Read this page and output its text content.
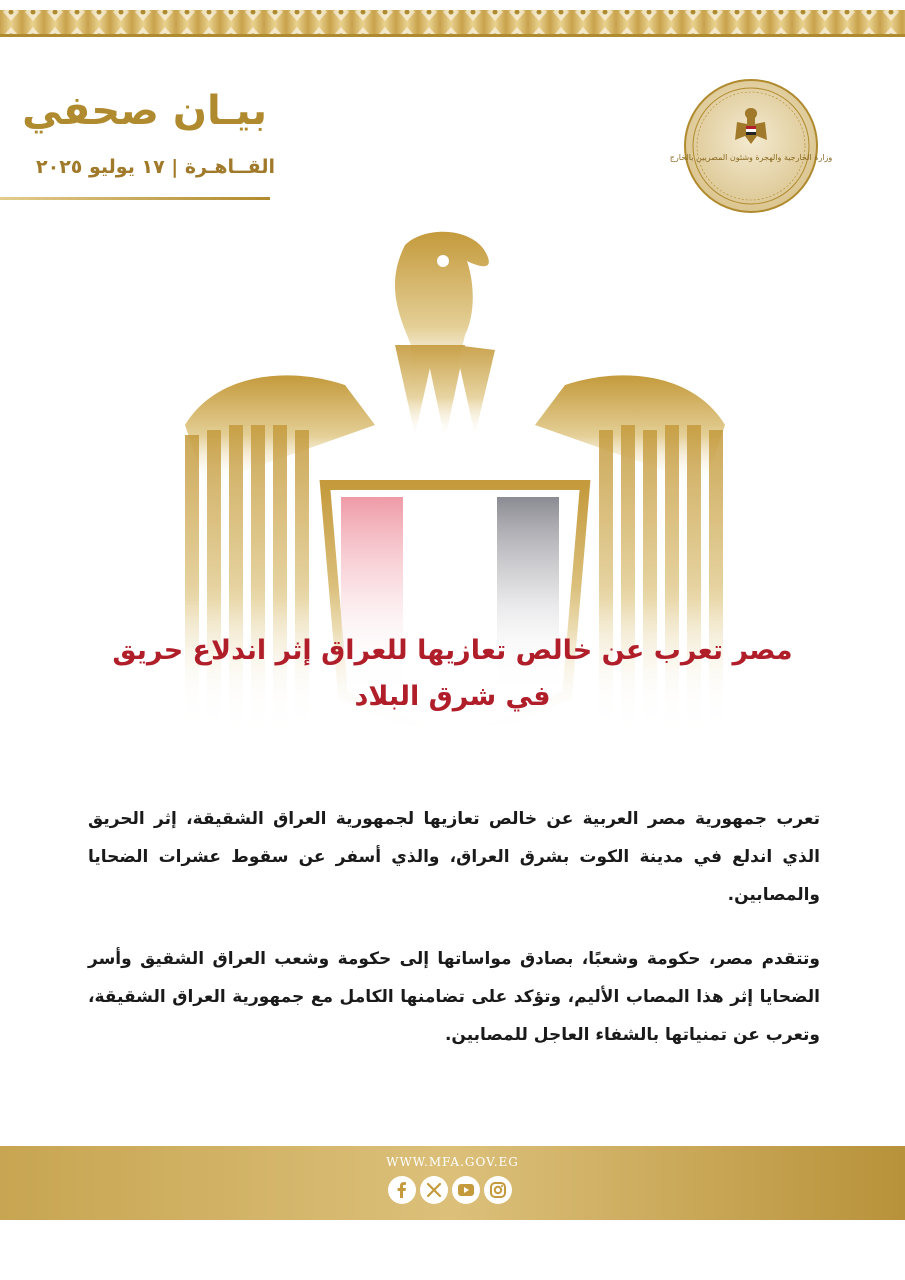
بيـان صحفي
القــاهـرة | ١٧ يوليو ٢٠٢٥	وزارة الخارجية والهجرة وشئون المصريين بالخارج
مصر تعرب عن خالص تعازيها للعراق إثر اندلاع حريق
في شرق البلاد
تعرب جمهورية مصر العربية عن خالص تعازيها لجمهورية العراق الشقيقة، إثر الحريق الذي اندلع في مدينة الكوت بشرق العراق، والذي أسفر عن سقوط عشرات الضحايا والمصابين.
وتتقدم مصر، حكومة وشعبًا، بصادق مواساتها إلى حكومة وشعب العراق الشقيق وأسر الضحايا إثر هذا المصاب الأليم، وتؤكد على تضامنها الكامل مع جمهورية العراق الشقيقة، وتعرب عن تمنياتها بالشفاء العاجل للمصابين.
WWW.MFA.GOV.EG
